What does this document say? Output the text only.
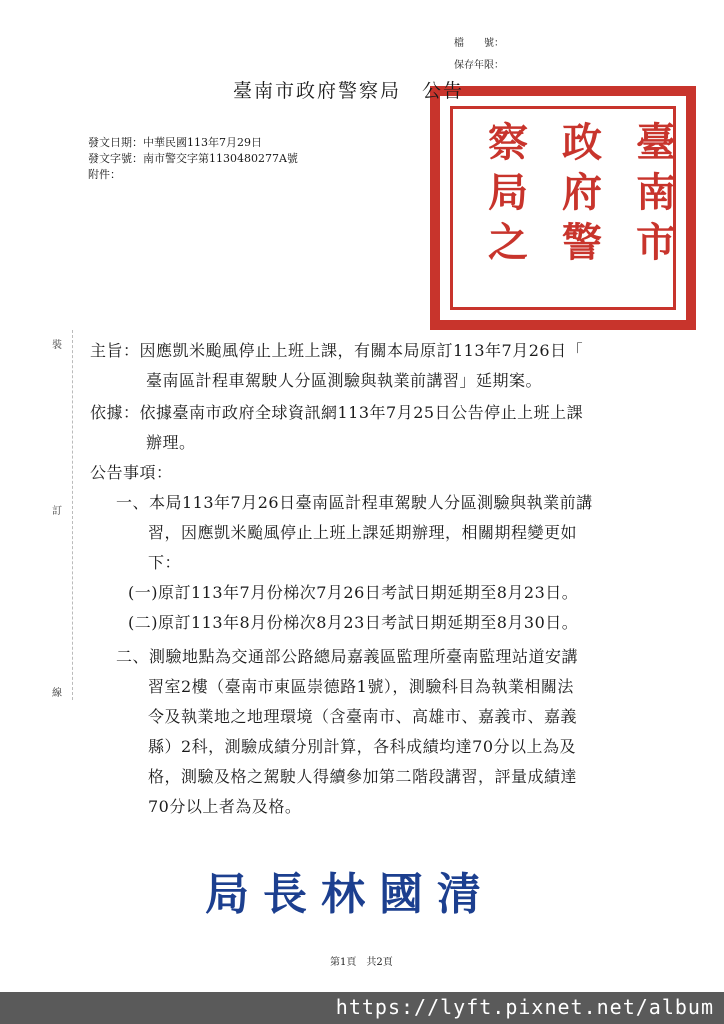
檔　　號：
保存年限：
臺南市
政府警
察局之
臺南市政府警察局　公告
發文日期：中華民國113年7月29日
發文字號：南市警交字第1130480277A號
附件：
裝
訂
線
主旨：因應凱米颱風停止上班上課，有關本局原訂113年7月26日「
臺南區計程車駕駛人分區測驗與執業前講習」延期案。
依據：依據臺南市政府全球資訊網113年7月25日公告停止上班上課
辦理。
公告事項：
一、本局113年7月26日臺南區計程車駕駛人分區測驗與執業前講
習，因應凱米颱風停止上班上課延期辦理，相關期程變更如
下：
(一)原訂113年7月份梯次7月26日考試日期延期至8月23日。
(二)原訂113年8月份梯次8月23日考試日期延期至8月30日。
二、測驗地點為交通部公路總局嘉義區監理所臺南監理站道安講
習室2樓（臺南市東區崇德路1號），測驗科目為執業相關法
令及執業地之地理環境（含臺南市、高雄市、嘉義市、嘉義
縣）2科，測驗成績分別計算，各科成績均達70分以上為及
格，測驗及格之駕駛人得續參加第二階段講習，評量成績達
70分以上者為及格。
局長林國清
第1頁　共2頁
https://lyft.pixnet.net/album
